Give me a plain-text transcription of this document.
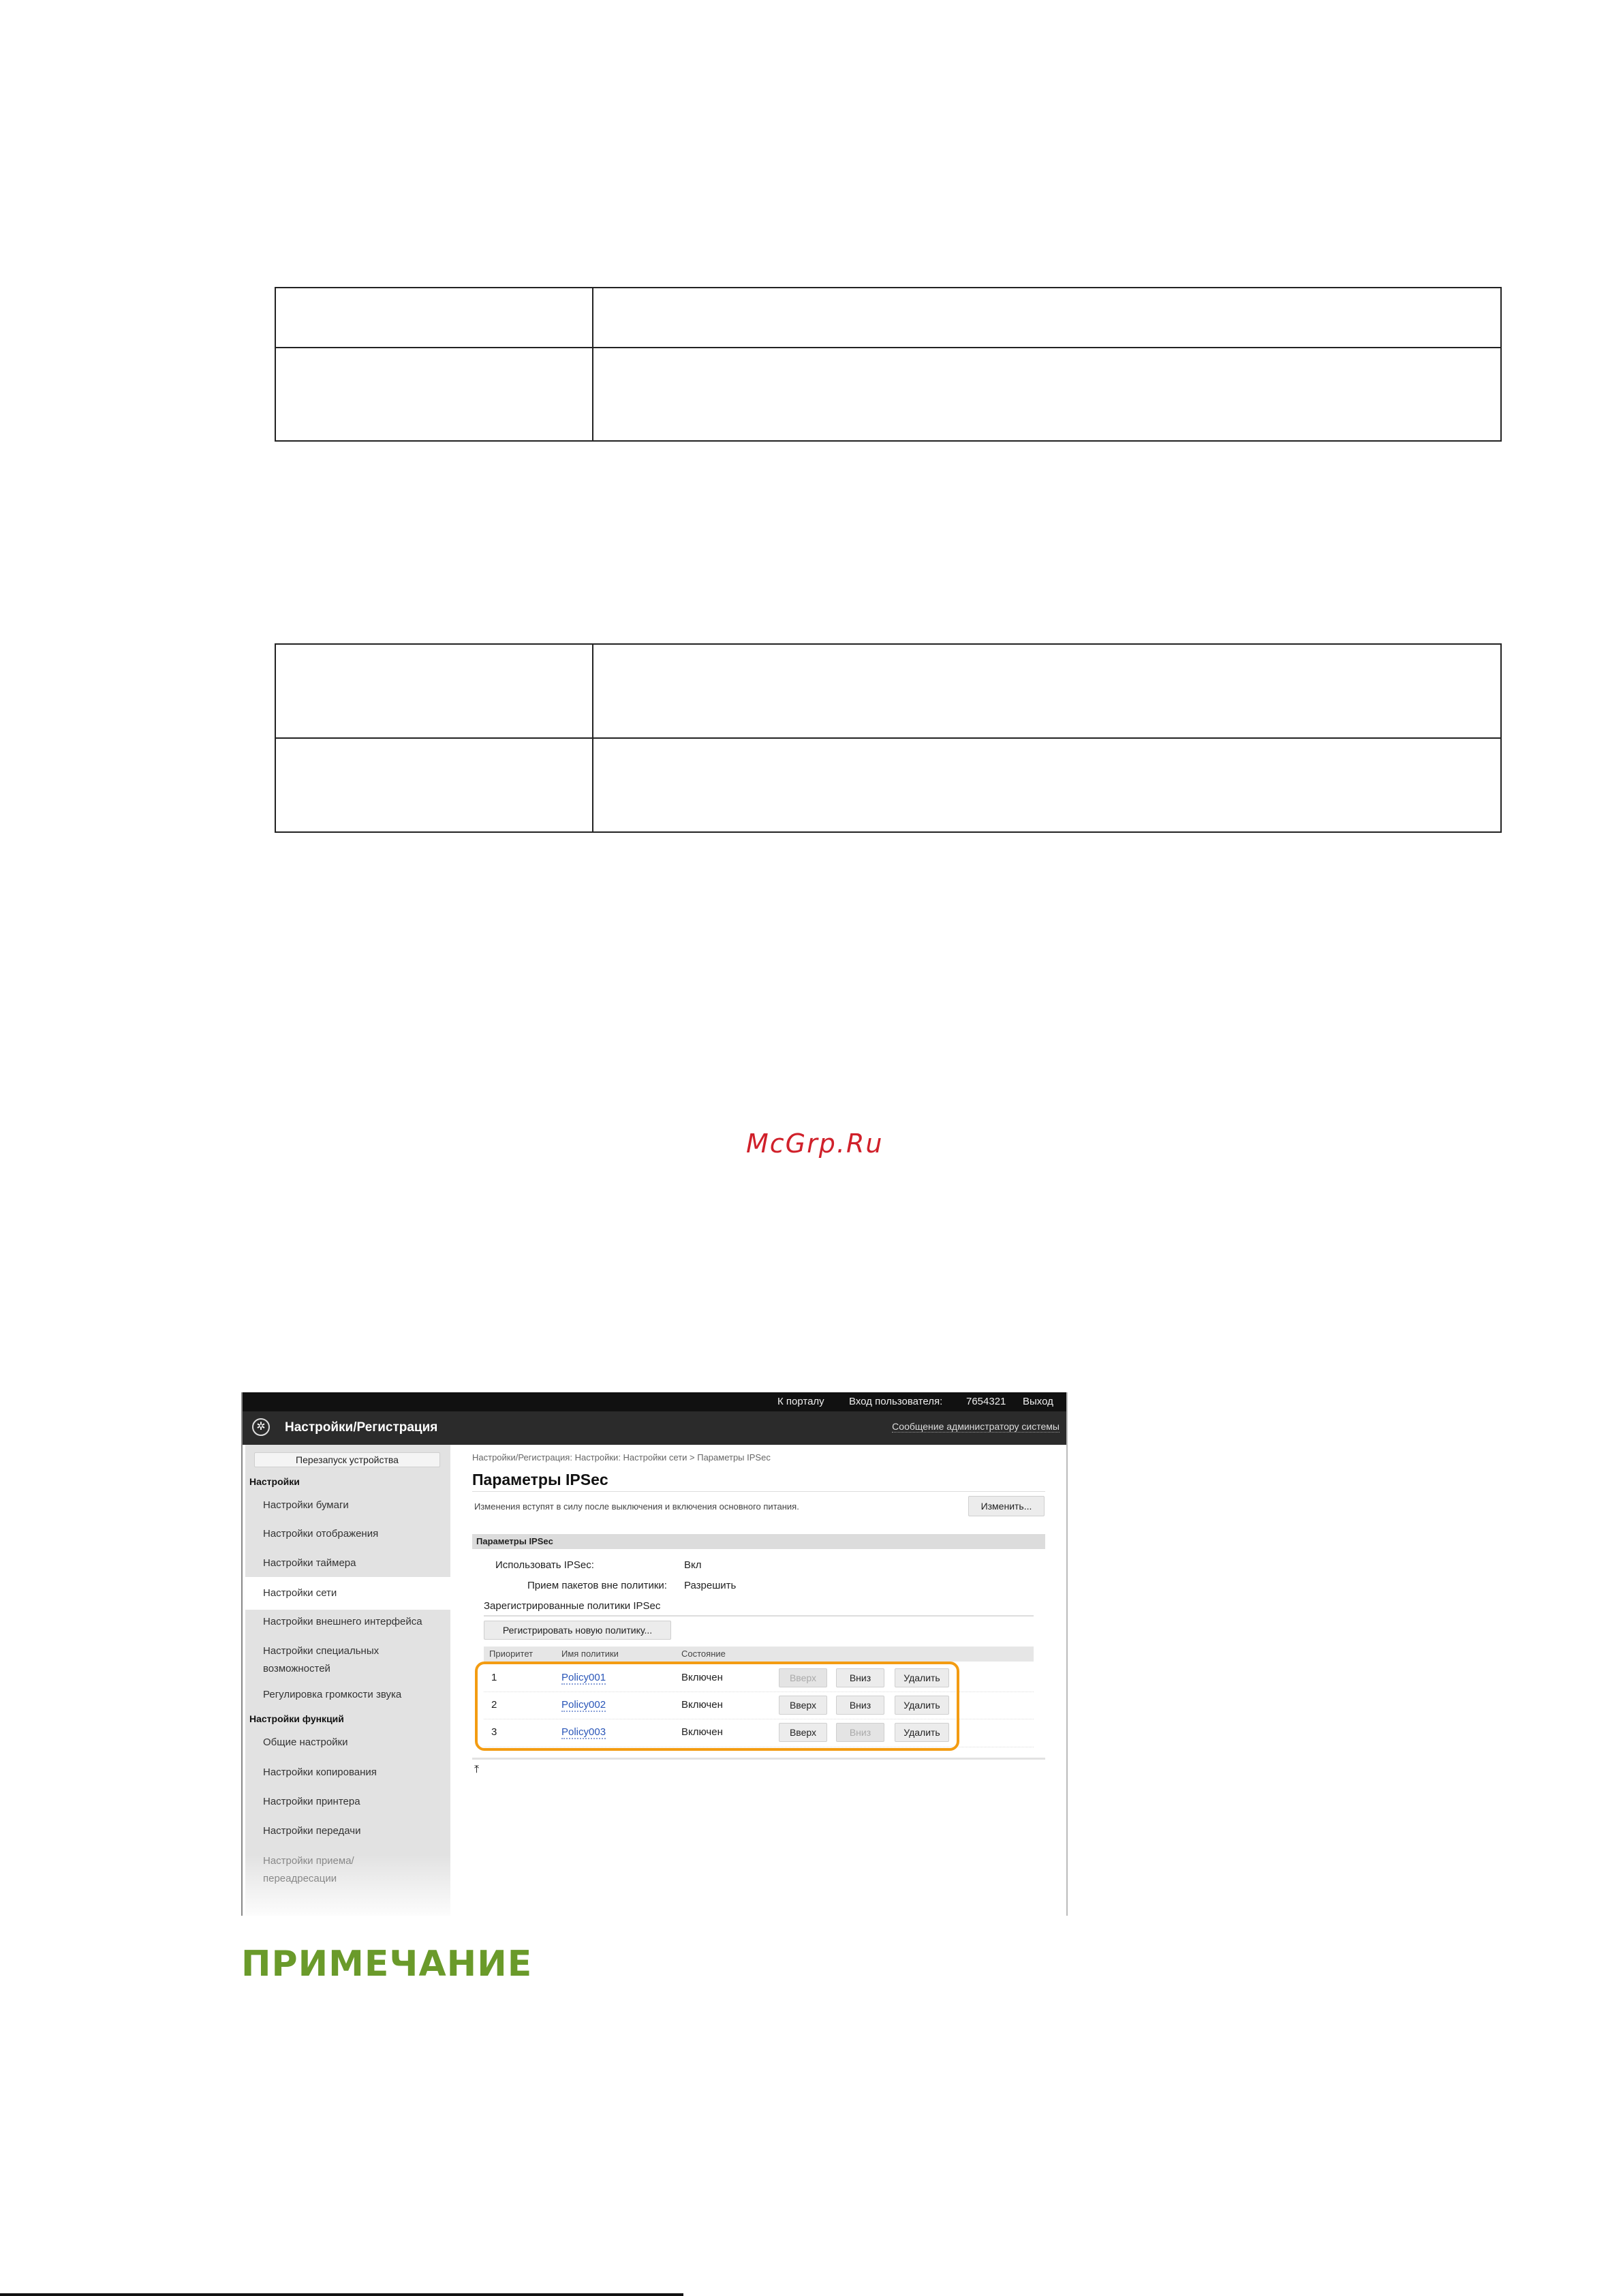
McGrp.Ru
К порталу Вход пользователя: 7654321 Выход
✲	Настройки/Регистрация	Сообщение администратору системы
Перезапуск устройства
Настройки
Настройки бумаги
Настройки отображения
Настройки таймера
Настройки сети
Настройки внешнего интерфейса
Настройки специальных возможностей
Регулировка громкости звука
Настройки функций
Общие настройки
Настройки копирования
Настройки принтера
Настройки передачи
Настройки приема/переадресации
Настройки/Регистрация: Настройки: Настройки сети > Параметры IPSec
Параметры IPSec
Изменить...
Изменения вступят в силу после выключения и включения основного питания.
Параметры IPSec
Использовать IPSec:	Вкл
Прием пакетов вне политики: Разрешить
Зарегистрированные политики IPSec
Регистрировать новую политику...
Приоритет	Имя политики	Состояние
1	Policy001	Включен	Вверх	Вниз	Удалить
2	Policy002	Включен	Вверх	Вниз	Удалить
3	Policy003	Включен	Вверх	Вниз	Удалить
⤒
ПРИМЕЧАНИЕ
